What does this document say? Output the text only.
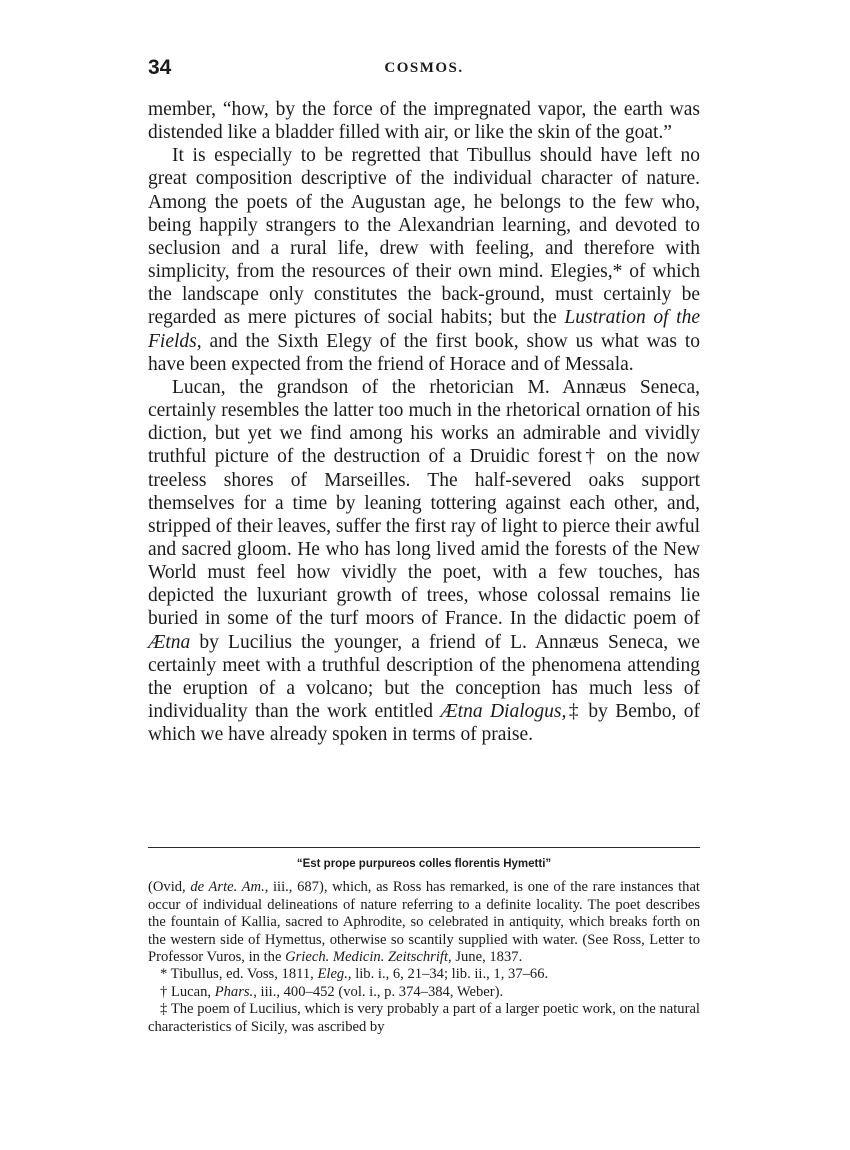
34	COSMOS.

member, “how, by the force of the impregnated vapor, the earth was distended like a bladder filled with air, or like the skin of the goat.”

It is especially to be regretted that Tibullus should have left no great composition descriptive of the individual character of nature. Among the poets of the Augustan age, he belongs to the few who, being happily strangers to the Alexandrian learning, and devoted to seclusion and a rural life, drew with feeling, and therefore with simplicity, from the resources of their own mind. Elegies,* of which the landscape only constitutes the back-ground, must certainly be regarded as mere pictures of social habits; but the Lustration of the Fields, and the Sixth Elegy of the first book, show us what was to have been expected from the friend of Horace and of Messala.

Lucan, the grandson of the rhetorician M. Annæus Seneca, certainly resembles the latter too much in the rhetorical ornation of his diction, but yet we find among his works an admirable and vividly truthful picture of the destruction of a Druidic forest† on the now treeless shores of Marseilles. The half-severed oaks support themselves for a time by leaning tottering against each other, and, stripped of their leaves, suffer the first ray of light to pierce their awful and sacred gloom. He who has long lived amid the forests of the New World must feel how vividly the poet, with a few touches, has depicted the luxuriant growth of trees, whose colossal remains lie buried in some of the turf moors of France. In the didactic poem of Ætna by Lucilius the younger, a friend of L. Annæus Seneca, we certainly meet with a truthful description of the phenomena attending the eruption of a volcano; but the conception has much less of individuality than the work entitled Ætna Dialogus,‡ by Bembo, of which we have already spoken in terms of praise.

“Est prope purpureos colles florentis Hymetti”

(Ovid, de Arte. Am., iii., 687), which, as Ross has remarked, is one of the rare instances that occur of individual delineations of nature referring to a definite locality. The poet describes the fountain of Kallia, sacred to Aphrodite, so celebrated in antiquity, which breaks forth on the western side of Hymettus, otherwise so scantily supplied with water. (See Ross, Letter to Professor Vuros, in the Griech. Medicin. Zeitschrift, June, 1837.

* Tibullus, ed. Voss, 1811, Eleg., lib. i., 6, 21–34; lib. ii., 1, 37–66.

† Lucan, Phars., iii., 400–452 (vol. i., p. 374–384, Weber).

‡ The poem of Lucilius, which is very probably a part of a larger poetic work, on the natural characteristics of Sicily, was ascribed by
